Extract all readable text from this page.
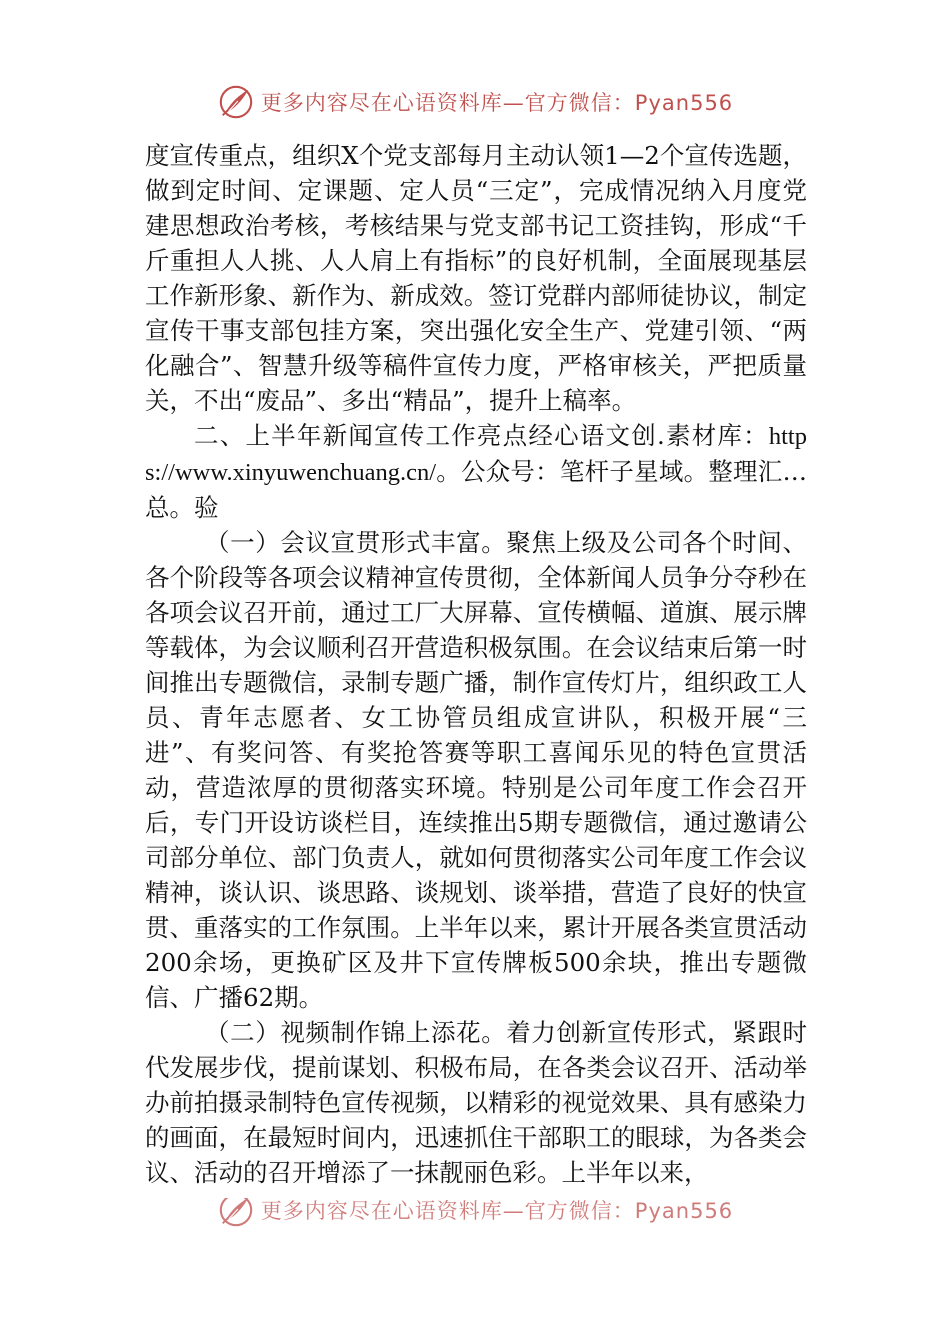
更多内容尽在心语资料库—官方微信：Pyan556

度宣传重点，组织X个党支部每月主动认领1—2个宣传选题，做到定时间、定课题、定人员“三定”，完成情况纳入月度党建思想政治考核，考核结果与党支部书记工资挂钩，形成“千斤重担人人挑、人人肩上有指标”的良好机制，全面展现基层工作新形象、新作为、新成效。签订党群内部师徒协议，制定宣传干事支部包挂方案，突出强化安全生产、党建引领、“两化融合”、智慧升级等稿件宣传力度，严格审核关，严把质量关，不出“废品”、多出“精品”，提升上稿率。

二、上半年新闻宣传工作亮点经心语文创.素材库：https://www.xinyuwenchuang.cn/。公众号：笔杆子星域。整理汇…总。验

（一）会议宣贯形式丰富。聚焦上级及公司各个时间、各个阶段等各项会议精神宣传贯彻，全体新闻人员争分夺秒在各项会议召开前，通过工厂大屏幕、宣传横幅、道旗、展示牌等载体，为会议顺利召开营造积极氛围。在会议结束后第一时间推出专题微信，录制专题广播，制作宣传灯片，组织政工人员、青年志愿者、女工协管员组成宣讲队，积极开展“三进”、有奖问答、有奖抢答赛等职工喜闻乐见的特色宣贯活动，营造浓厚的贯彻落实环境。特别是公司年度工作会召开后，专门开设访谈栏目，连续推出5期专题微信，通过邀请公司部分单位、部门负责人，就如何贯彻落实公司年度工作会议精神，谈认识、谈思路、谈规划、谈举措，营造了良好的快宣贯、重落实的工作氛围。上半年以来，累计开展各类宣贯活动200余场，更换矿区及井下宣传牌板500余块，推出专题微信、广播62期。

（二）视频制作锦上添花。着力创新宣传形式，紧跟时代发展步伐，提前谋划、积极布局，在各类会议召开、活动举办前拍摄录制特色宣传视频，以精彩的视觉效果、具有感染力的画面，在最短时间内，迅速抓住干部职工的眼球，为各类会议、活动的召开增添了一抹靓丽色彩。上半年以来，

更多内容尽在心语资料库—官方微信：Pyan556
